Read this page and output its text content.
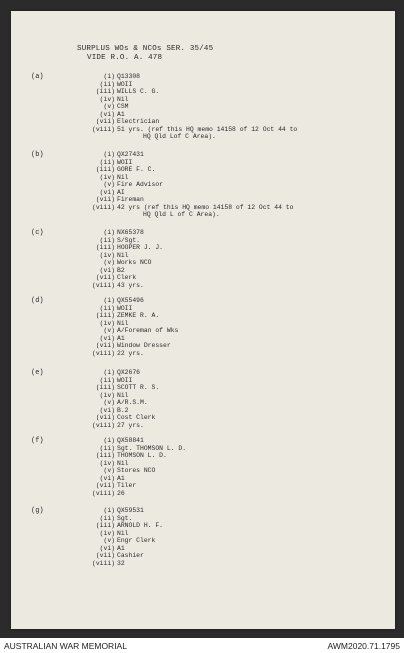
SURPLUS WOs & NCOs SER. 35/45
VIDE R.O. A. 478
(a)	(i) Q13308
(ii) WOII
(iii) WILLS C. G.
(iv) Nil
(v) CSM
(vi) A1
(vii) Electrician
(viii) 51 yrs. (ref this HQ memo 14158 of 12 Oct 44 to
HQ Qld Lof C Area).
(b)	(i) QX27431
(ii) WOII
(iii) GORE F. C.
(iv) Nil
(v) Fire Advisor
(vi) AI
(vii) Fireman
(viii) 42 yrs (ref this HQ memo 14158 of 12 Oct 44 to
HQ Qld L of C Area).
(c)	(i) NX65378
(ii) S/Sgt.
(iii) HOOPER J. J.
(iv) Nil
(v) Works NCO
(vi) B2
(vii) Clerk
(viii) 43 yrs.
(d)	(i) QX55496
(ii) WOII
(iii) ZEMKE R. A.
(iv) Nil
(v) A/Foreman of Wks
(vi) A1
(vii) Window Dresser
(viii) 22 yrs.
(e)	(i) QX2676
(ii) WOII
(iii) SCOTT R. S.
(iv) Nil
(v) A/R.S.M.
(vi) B.2
(vii) Cost Clerk
(viii) 27 yrs.
(f)	(i) QX58841
(ii) Sgt. THOMSON L. D.
(iii) THOMSON L. D.
(iv) Nil
(v) Stores NCO
(vi) A1
(vii) Tiler
(viii) 26
(g)	(i) QX59531
(ii) Sgt.
(iii) ARNOLD H. F.
(iv) Nil
(v) Engr Clerk
(vi) A1
(vii) Cashier
(viii) 32
AUSTRALIAN WAR MEMORIAL	AWM2020.71.1795
